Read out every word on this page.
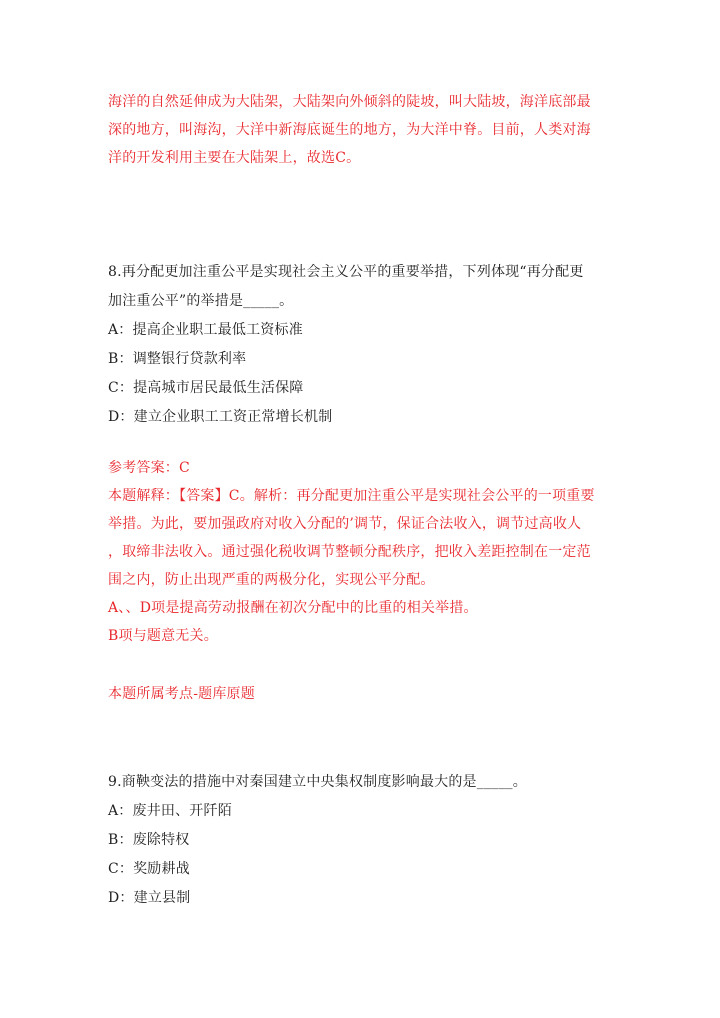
海洋的自然延伸成为大陆架，大陆架向外倾斜的陡坡，叫大陆坡，海洋底部最
深的地方，叫海沟，大洋中新海底诞生的地方，为大洋中脊。目前，人类对海
洋的开发利用主要在大陆架上，故选C。
8.再分配更加注重公平是实现社会主义公平的重要举措，下列体现“再分配更
加注重公平”的举措是_____。
A：提高企业职工最低工资标准
B：调整银行贷款利率
C：提高城市居民最低生活保障
D：建立企业职工工资正常增长机制
参考答案：C
本题解释：【答案】C。解析：再分配更加注重公平是实现社会公平的一项重要
举措。为此，要加强政府对收入分配的’调节，保证合法收入，调节过高收人
，取缔非法收入。通过强化税收调节整顿分配秩序，把收入差距控制在一定范
围之内，防止出现严重的两极分化，实现公平分配。
A、、D项是提高劳动报酬在初次分配中的比重的相关举措。
B项与题意无关。
本题所属考点-题库原题
9.商鞅变法的措施中对秦国建立中央集权制度影响最大的是_____。
A：废井田、开阡陌
B：废除特权
C：奖励耕战
D：建立县制
